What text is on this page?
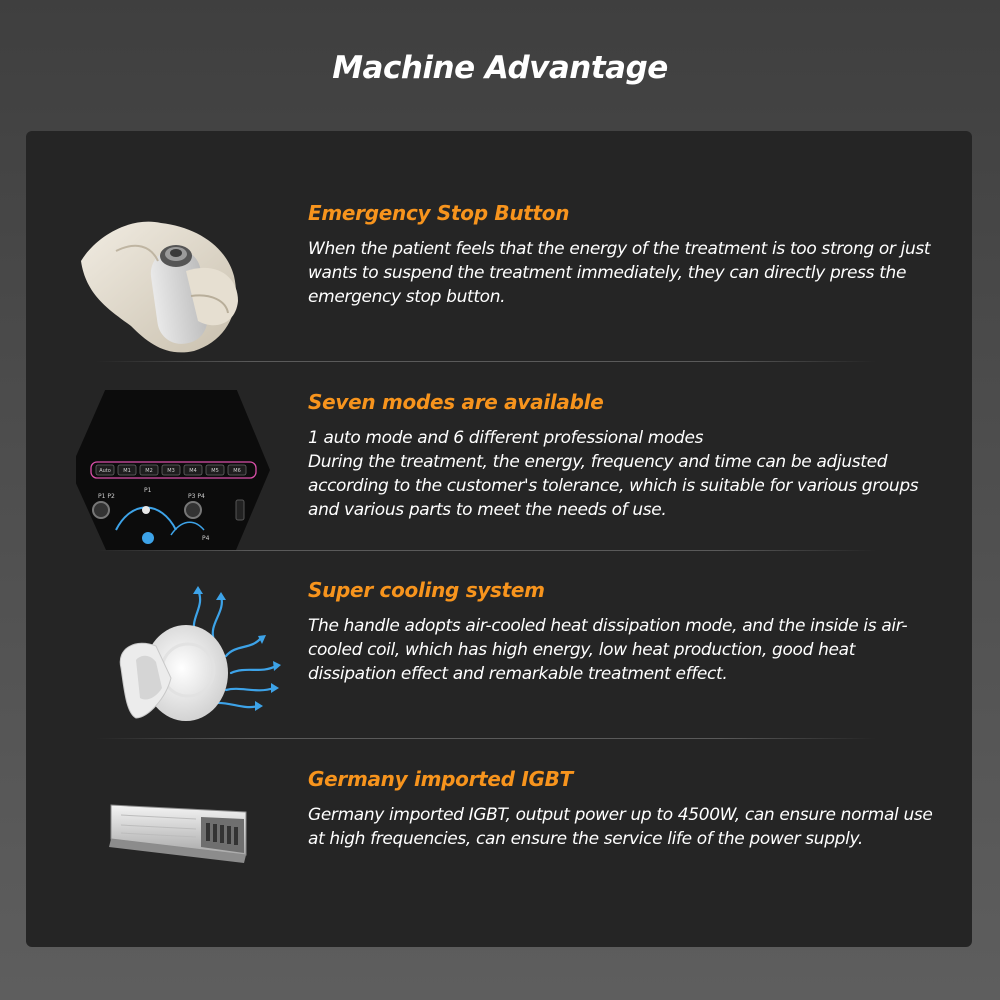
Machine Advantage
Emergency Stop Button

When the patient feels that the energy of the treatment is too strong or just wants to suspend the treatment immediately, they can directly press the emergency stop button.

Auto M1	M2	M3	M4	M5	M6
P1 P2
P1
P3 P4
P4
Seven modes are available

1 auto mode and 6 different professional modes
During the treatment, the energy, frequency and time can be adjusted according to the customer's tolerance, which is suitable for various groups and various parts to meet the needs of use.

Super cooling system

The handle adopts air-cooled heat dissipation mode, and the inside is air-cooled coil, which has high energy, low heat production, good heat dissipation effect and remarkable treatment effect.

Germany imported IGBT

Germany imported IGBT, output power up to 4500W, can ensure normal use at high frequencies, can ensure the service life of the power supply.
